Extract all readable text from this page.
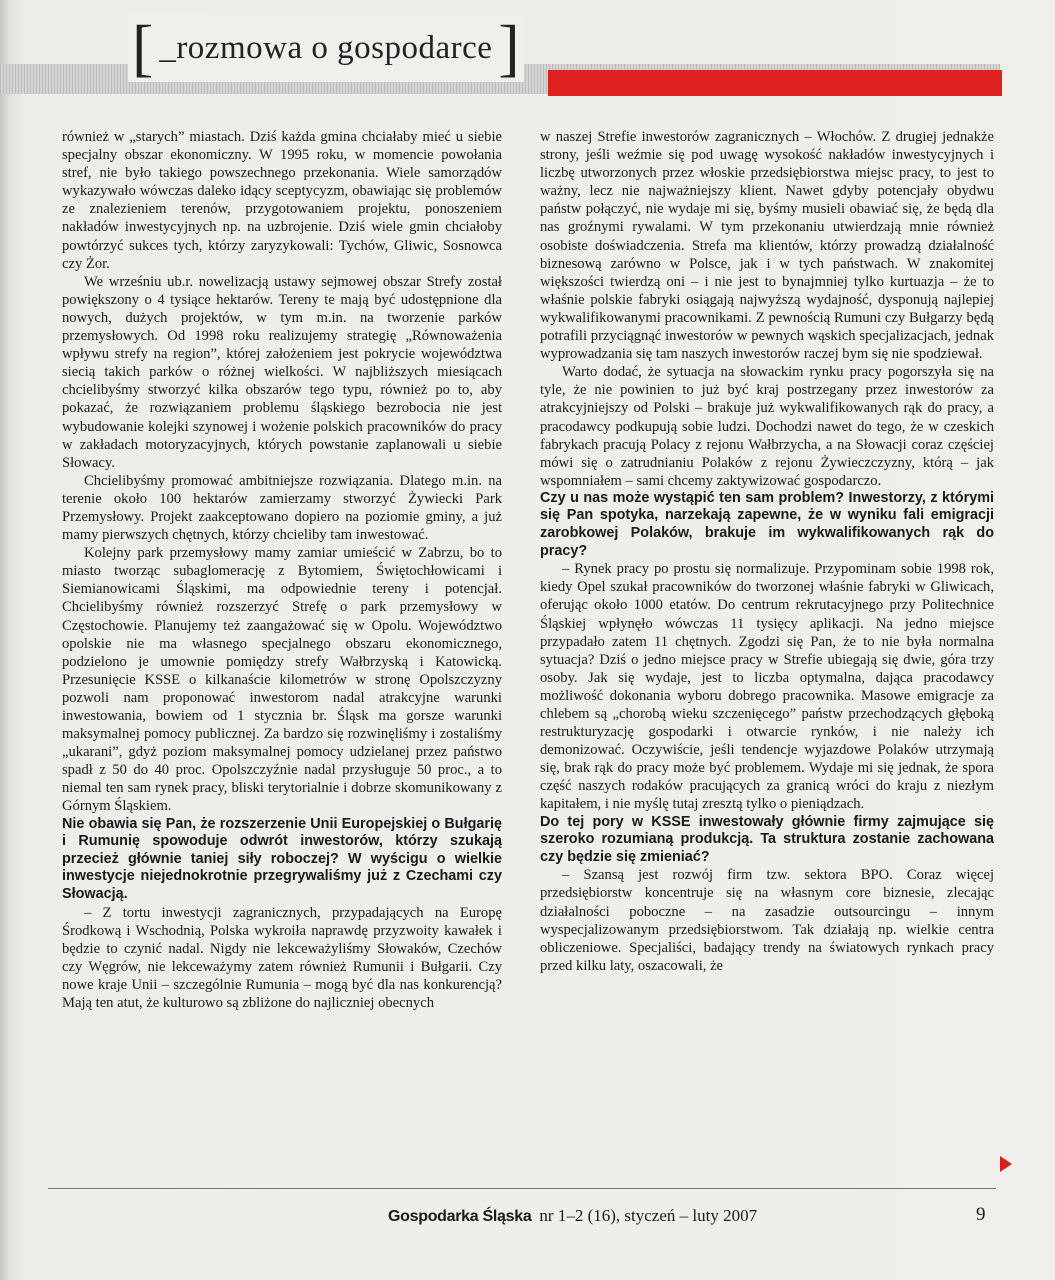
[ _rozmowa o gospodarce ]

również w „starych” miastach. Dziś każda gmina chciałaby mieć u siebie specjalny obszar ekonomiczny. W 1995 roku, w momencie powołania stref, nie było takiego powszechnego przekonania. Wiele samorządów wykazywało wówczas daleko idący sceptycyzm, obawiając się problemów ze znalezieniem terenów, przygotowaniem projektu, ponoszeniem nakładów inwestycyjnych np. na uzbrojenie. Dziś wiele gmin chciałoby powtórzyć sukces tych, którzy zaryzykowali: Tychów, Gliwic, Sosnowca czy Żor.

We wrześniu ub.r. nowelizacją ustawy sejmowej obszar Strefy został powiększony o 4 tysiące hektarów. Tereny te mają być udostępnione dla nowych, dużych projektów, w tym m.in. na tworzenie parków przemysłowych. Od 1998 roku realizujemy strategię „Równoważenia wpływu strefy na region”, której założeniem jest pokrycie województwa siecią takich parków o różnej wielkości. W najbliższych miesiącach chcielibyśmy stworzyć kilka obszarów tego typu, również po to, aby pokazać, że rozwiązaniem problemu śląskiego bezrobocia nie jest wybudowanie kolejki szynowej i wożenie polskich pracowników do pracy w zakładach motoryzacyjnych, których powstanie zaplanowali u siebie Słowacy.

Chcielibyśmy promować ambitniejsze rozwiązania. Dlatego m.in. na terenie około 100 hektarów zamierzamy stworzyć Żywiecki Park Przemysłowy. Projekt zaakceptowano dopiero na poziomie gminy, a już mamy pierwszych chętnych, którzy chcieliby tam inwestować.

Kolejny park przemysłowy mamy zamiar umieścić w Zabrzu, bo to miasto tworząc subaglomerację z Bytomiem, Świętochłowicami i Siemianowicami Śląskimi, ma odpowiednie tereny i potencjał. Chcielibyśmy również rozszerzyć Strefę o park przemysłowy w Częstochowie. Planujemy też zaangażować się w Opolu. Województwo opolskie nie ma własnego specjalnego obszaru ekonomicznego, podzielono je umownie pomiędzy strefy Wałbrzyską i Katowicką. Przesunięcie KSSE o kilkanaście kilometrów w stronę Opolszczyzny pozwoli nam proponować inwestorom nadal atrakcyjne warunki inwestowania, bowiem od 1 stycznia br. Śląsk ma gorsze warunki maksymalnej pomocy publicznej. Za bardzo się rozwinęliśmy i zostaliśmy „ukarani”, gdyż poziom maksymalnej pomocy udzielanej przez państwo spadł z 50 do 40 proc. Opolszczyźnie nadal przysługuje 50 proc., a to niemal ten sam rynek pracy, bliski terytorialnie i dobrze skomunikowany z Górnym Śląskiem.

Nie obawia się Pan, że rozszerzenie Unii Europejskiej o Bułgarię i Rumunię spowoduje odwrót inwestorów, którzy szukają przecież głównie taniej siły roboczej? W wyścigu o wielkie inwestycje niejednokrotnie przegrywaliśmy już z Czechami czy Słowacją.

– Z tortu inwestycji zagranicznych, przypadających na Europę Środkową i Wschodnią, Polska wykroiła naprawdę przyzwoity kawałek i będzie to czynić nadal. Nigdy nie lekceważyliśmy Słowaków, Czechów czy Węgrów, nie lekceważymy zatem również Rumunii i Bułgarii. Czy nowe kraje Unii – szczególnie Rumunia – mogą być dla nas konkurencją? Mają ten atut, że kulturowo są zbliżone do najliczniej obecnych

w naszej Strefie inwestorów zagranicznych – Włochów. Z drugiej jednakże strony, jeśli weźmie się pod uwagę wysokość nakładów inwestycyjnych i liczbę utworzonych przez włoskie przedsiębiorstwa miejsc pracy, to jest to ważny, lecz nie najważniejszy klient. Nawet gdyby potencjały obydwu państw połączyć, nie wydaje mi się, byśmy musieli obawiać się, że będą dla nas groźnymi rywalami. W tym przekonaniu utwierdzają mnie również osobiste doświadczenia. Strefa ma klientów, którzy prowadzą działalność biznesową zarówno w Polsce, jak i w tych państwach. W znakomitej większości twierdzą oni – i nie jest to bynajmniej tylko kurtuazja – że to właśnie polskie fabryki osiągają najwyższą wydajność, dysponują najlepiej wykwalifikowanymi pracownikami. Z pewnością Rumuni czy Bułgarzy będą potrafili przyciągnąć inwestorów w pewnych wąskich specjalizacjach, jednak wyprowadzania się tam naszych inwestorów raczej bym się nie spodziewał.

Warto dodać, że sytuacja na słowackim rynku pracy pogorszyła się na tyle, że nie powinien to już być kraj postrzegany przez inwestorów za atrakcyjniejszy od Polski – brakuje już wykwalifikowanych rąk do pracy, a pracodawcy podkupują sobie ludzi. Dochodzi nawet do tego, że w czeskich fabrykach pracują Polacy z rejonu Wałbrzycha, a na Słowacji coraz częściej mówi się o zatrudnianiu Polaków z rejonu Żywieczczyzny, którą – jak wspomniałem – sami chcemy zaktywizować gospodarczo.

Czy u nas może wystąpić ten sam problem? Inwestorzy, z którymi się Pan spotyka, narzekają zapewne, że w wyniku fali emigracji zarobkowej Polaków, brakuje im wykwalifikowanych rąk do pracy?

– Rynek pracy po prostu się normalizuje. Przypominam sobie 1998 rok, kiedy Opel szukał pracowników do tworzonej właśnie fabryki w Gliwicach, oferując około 1000 etatów. Do centrum rekrutacyjnego przy Politechnice Śląskiej wpłynęło wówczas 11 tysięcy aplikacji. Na jedno miejsce przypadało zatem 11 chętnych. Zgodzi się Pan, że to nie była normalna sytuacja? Dziś o jedno miejsce pracy w Strefie ubiegają się dwie, góra trzy osoby. Jak się wydaje, jest to liczba optymalna, dająca pracodawcy możliwość dokonania wyboru dobrego pracownika. Masowe emigracje za chlebem są „chorobą wieku szczenięcego” państw przechodzących głęboką restrukturyzację gospodarki i otwarcie rynków, i nie należy ich demonizować. Oczywiście, jeśli tendencje wyjazdowe Polaków utrzymają się, brak rąk do pracy może być problemem. Wydaje mi się jednak, że spora część naszych rodaków pracujących za granicą wróci do kraju z niezłym kapitałem, i nie myślę tutaj zresztą tylko o pieniądzach.

Do tej pory w KSSE inwestowały głównie firmy zajmujące się szeroko rozumianą produkcją. Ta struktura zostanie zachowana czy będzie się zmieniać?

– Szansą jest rozwój firm tzw. sektora BPO. Coraz więcej przedsiębiorstw koncentruje się na własnym core biznesie, zlecając działalności poboczne – na zasadzie outsourcingu – innym wyspecjalizowanym przedsiębiorstwom. Tak działają np. wielkie centra obliczeniowe. Specjaliści, badający trendy na światowych rynkach pracy przed kilku laty, oszacowali, że

Gospodarka Śląska nr 1–2 (16), styczeń – luty 2007	9
